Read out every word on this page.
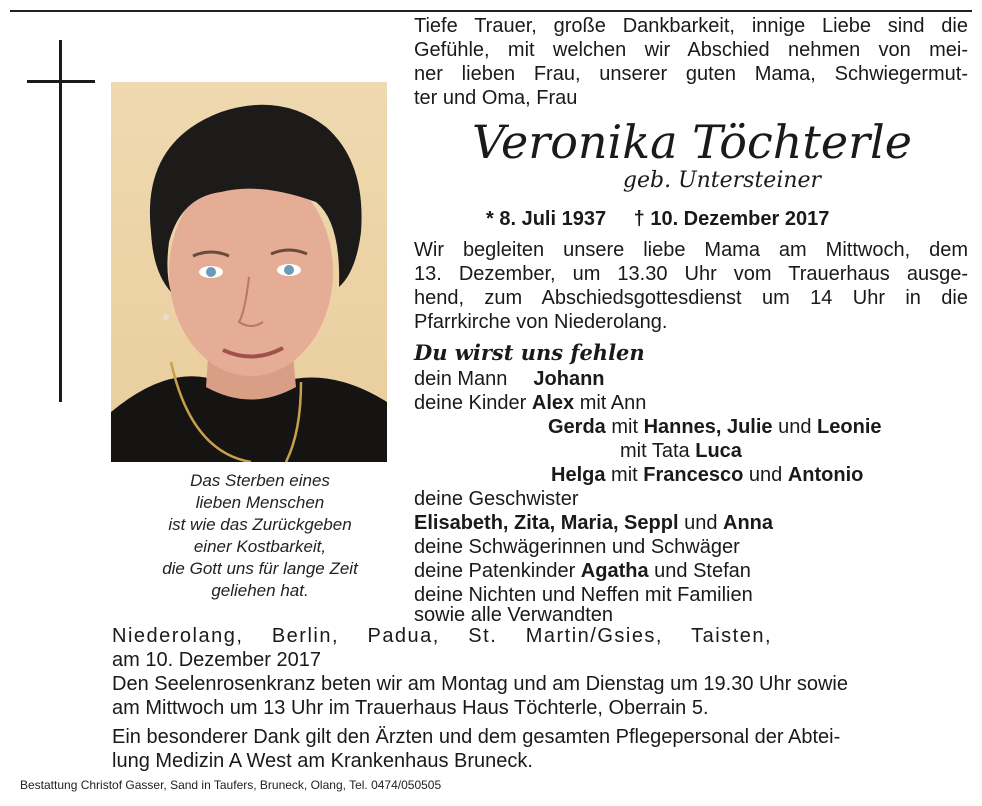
Das Sterben eines
lieben Menschen
ist wie das Zurückgeben
einer Kostbarkeit,
die Gott uns für lange Zeit
geliehen hat.
Tiefe Trauer, große Dankbarkeit, innige Liebe sind die
Gefühle, mit welchen wir Abschied nehmen von mei-
ner lieben Frau, unserer guten Mama, Schwiegermut-
ter und Oma, Frau
Veronika Töchterle
geb. Untersteiner
* 8. Juli 1937 † 10. Dezember 2017
Wir begleiten unsere liebe Mama am Mittwoch, dem
13. Dezember, um 13.30 Uhr vom Trauerhaus ausge-
hend, zum Abschiedsgottesdienst um 14 Uhr in die
Pfarrkirche von Niederolang.
Du wirst uns fehlen
dein Mann Johann
deine Kinder Alex mit Ann
Gerda mit Hannes, Julie und Leonie
mit Tata Luca
Helga mit Francesco und Antonio
deine Geschwister
Elisabeth, Zita, Maria, Seppl und Anna
deine Schwägerinnen und Schwäger
deine Patenkinder Agatha und Stefan
deine Nichten und Neffen mit Familien
sowie alle Verwandten
Niederolang, Berlin, Padua, St. Martin/Gsies, Taisten,
am 10. Dezember 2017
Den Seelenrosenkranz beten wir am Montag und am Dienstag um 19.30 Uhr sowie
am Mittwoch um 13 Uhr im Trauerhaus Haus Töchterle, Oberrain 5.
Ein besonderer Dank gilt den Ärzten und dem gesamten Pflegepersonal der Abtei-
lung Medizin A West am Krankenhaus Bruneck.
Bestattung Christof Gasser, Sand in Taufers, Bruneck, Olang, Tel. 0474/050505
